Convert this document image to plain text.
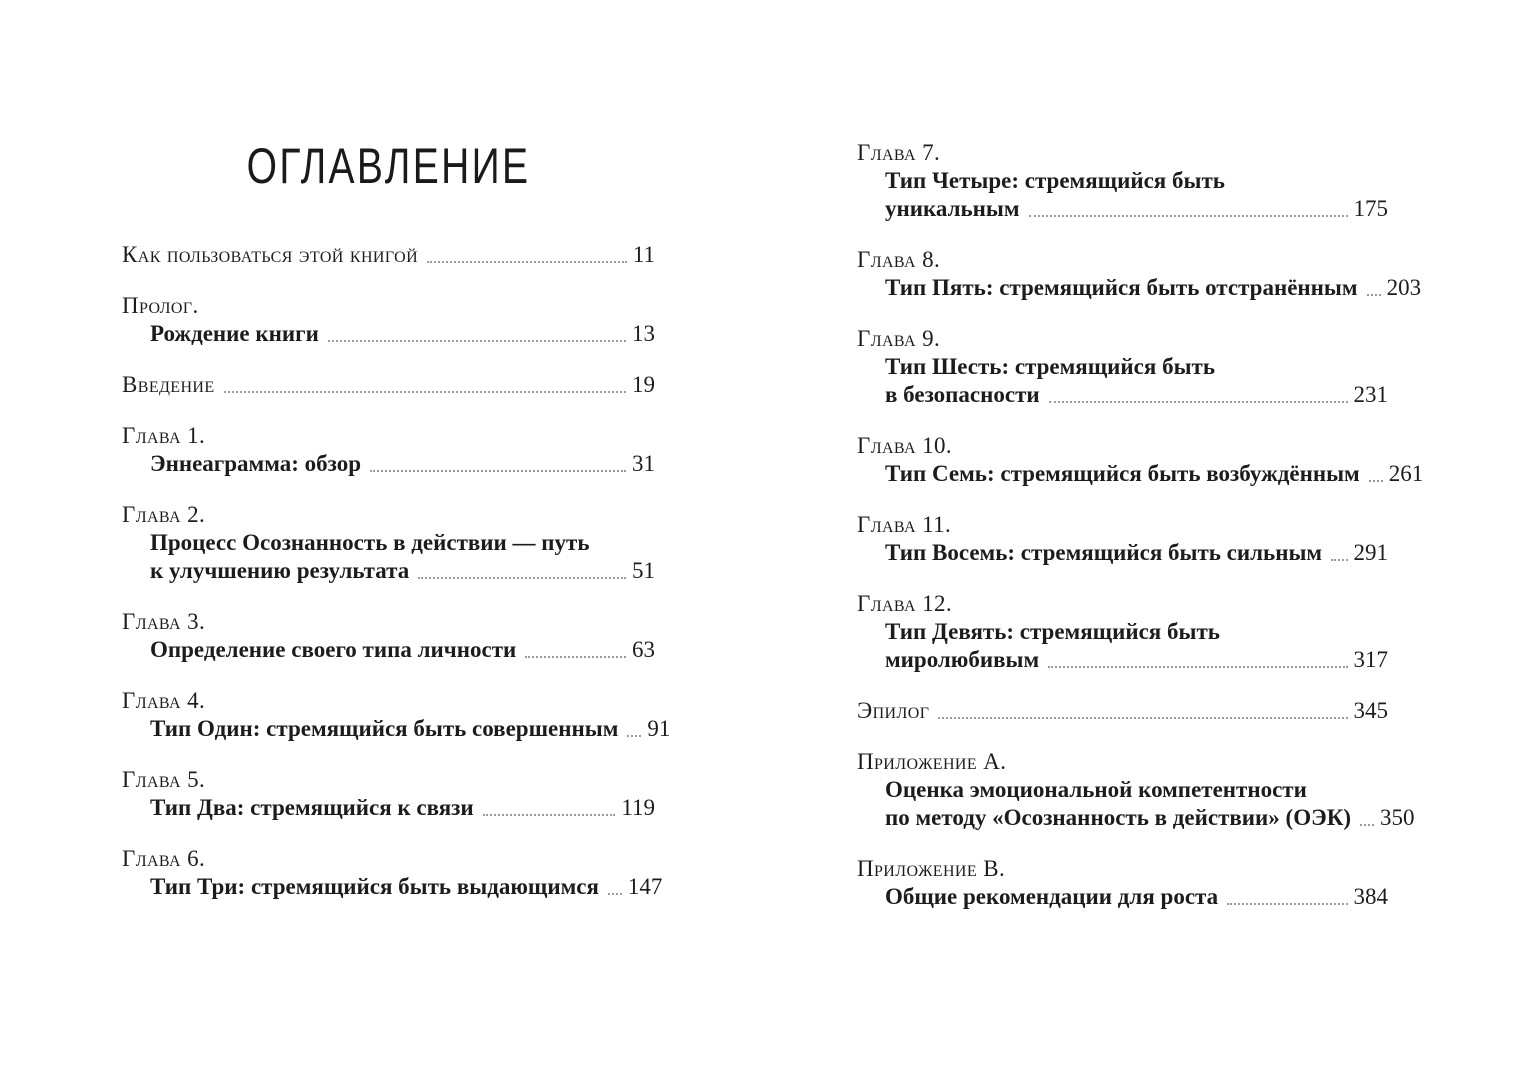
ОГЛАВЛЕНИЕ
Как пользоваться этой книгой	11
Пролог.
Рождение книги	13
Введение	19
Глава 1.
Эннеаграмма: обзор	31
Глава 2.
Процесс Осознанность в действии — путь
к улучшению результата	51
Глава 3.
Определение своего типа личности	63
Глава 4.
Тип Один: стремящийся быть совершенным 91
Глава 5.
Тип Два: стремящийся к связи	119
Глава 6.
Тип Три: стремящийся быть выдающимся 147
Глава 7.
Тип Четыре: стремящийся быть
уникальным	175
Глава 8.
Тип Пять: стремящийся быть отстранённым 203
Глава 9.
Тип Шесть: стремящийся быть
в безопасности	231
Глава 10.
Тип Семь: стремящийся быть возбуждённым 261
Глава 11.
Тип Восемь: стремящийся быть сильным 291
Глава 12.
Тип Девять: стремящийся быть
миролюбивым	317
Эпилог	345
Приложение А.
Оценка эмоциональной компетентности
по методу «Осознанность в действии» (ОЭК) 350
Приложение В.
Общие рекомендации для роста	384
